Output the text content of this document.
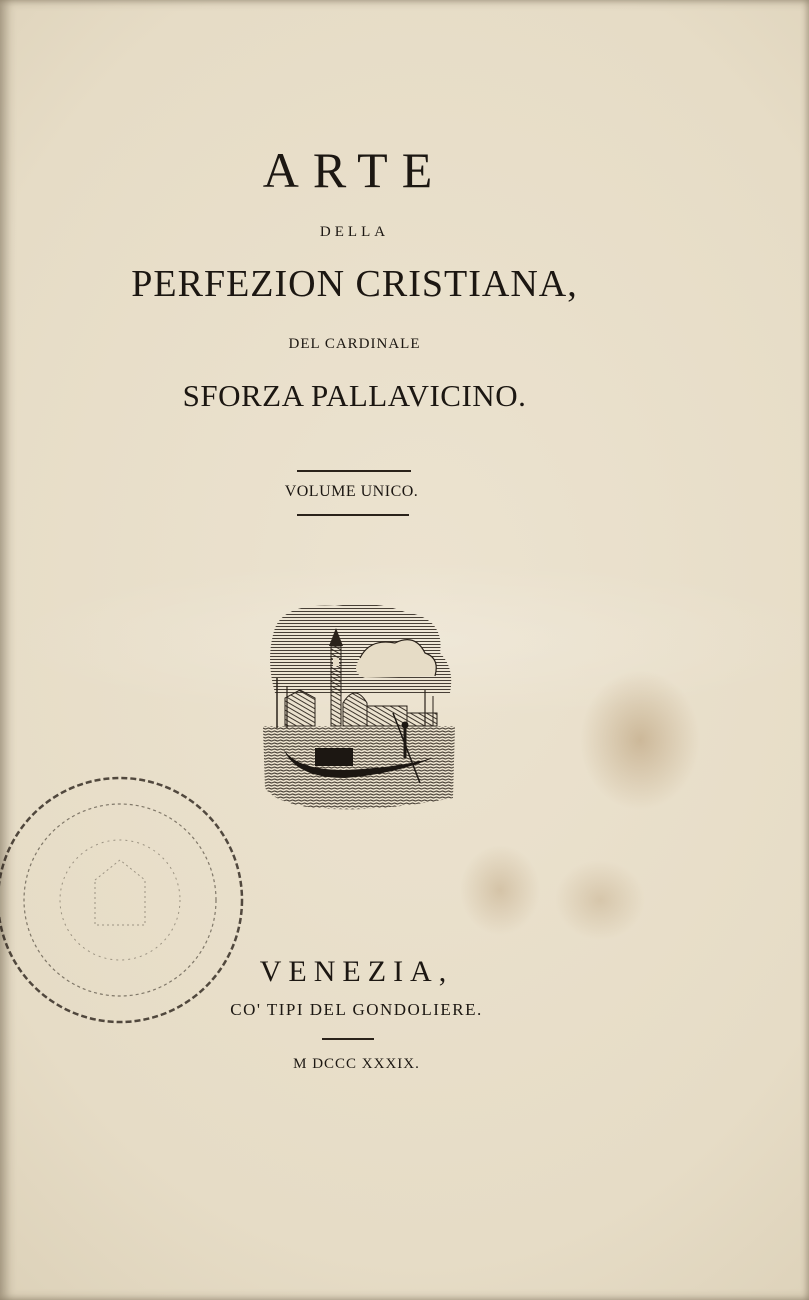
ARTE
DELLA
PERFEZION CRISTIANA,
DEL CARDINALE
SFORZA PALLAVICINO.
VOLUME UNICO.
VENEZIA,
CO' TIPI DEL GONDOLIERE.
M DCCC XXXIX.
